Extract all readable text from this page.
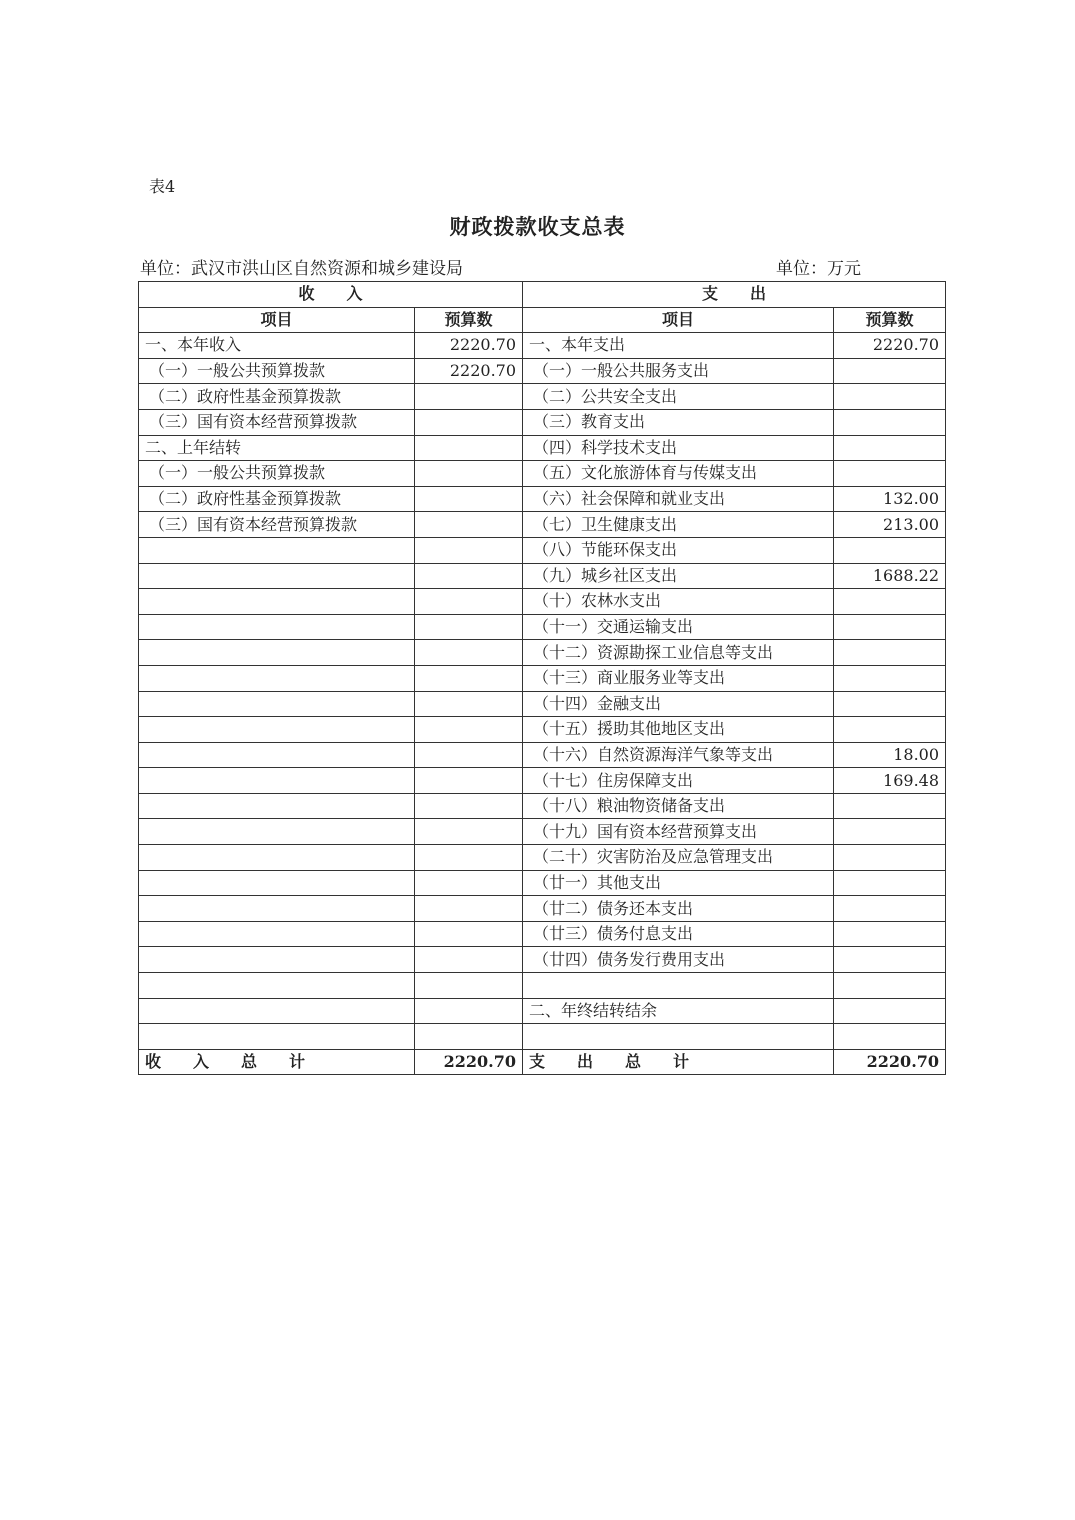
表4
财政拨款收支总表
单位：武汉市洪山区自然资源和城乡建设局	单位：万元
收　　入		支　　出	
项目	预算数	项目	预算数
一、本年收入	2220.70	一、本年支出	2220.70
（一）一般公共预算拨款	2220.70	（一）一般公共服务支出	
（二）政府性基金预算拨款		（二）公共安全支出	
（三）国有资本经营预算拨款		（三）教育支出	
二、上年结转		（四）科学技术支出	
（一）一般公共预算拨款		（五）文化旅游体育与传媒支出	
（二）政府性基金预算拨款		（六）社会保障和就业支出	132.00
（三）国有资本经营预算拨款		（七）卫生健康支出	213.00
		（八）节能环保支出	
		（九）城乡社区支出	1688.22
		（十）农林水支出	
		（十一）交通运输支出	
		（十二）资源勘探工业信息等支出	
		（十三）商业服务业等支出	
		（十四）金融支出	
		（十五）援助其他地区支出	
		（十六）自然资源海洋气象等支出	18.00
		（十七）住房保障支出	169.48
		（十八）粮油物资储备支出	
		（十九）国有资本经营预算支出	
		（二十）灾害防治及应急管理支出	
		（廿一）其他支出	
		（廿二）债务还本支出	
		（廿三）债务付息支出	
		（廿四）债务发行费用支出	

		二、年终结转结余	

收　　入　　总　　计	2220.70	支　　出　　总　　计	2220.70
